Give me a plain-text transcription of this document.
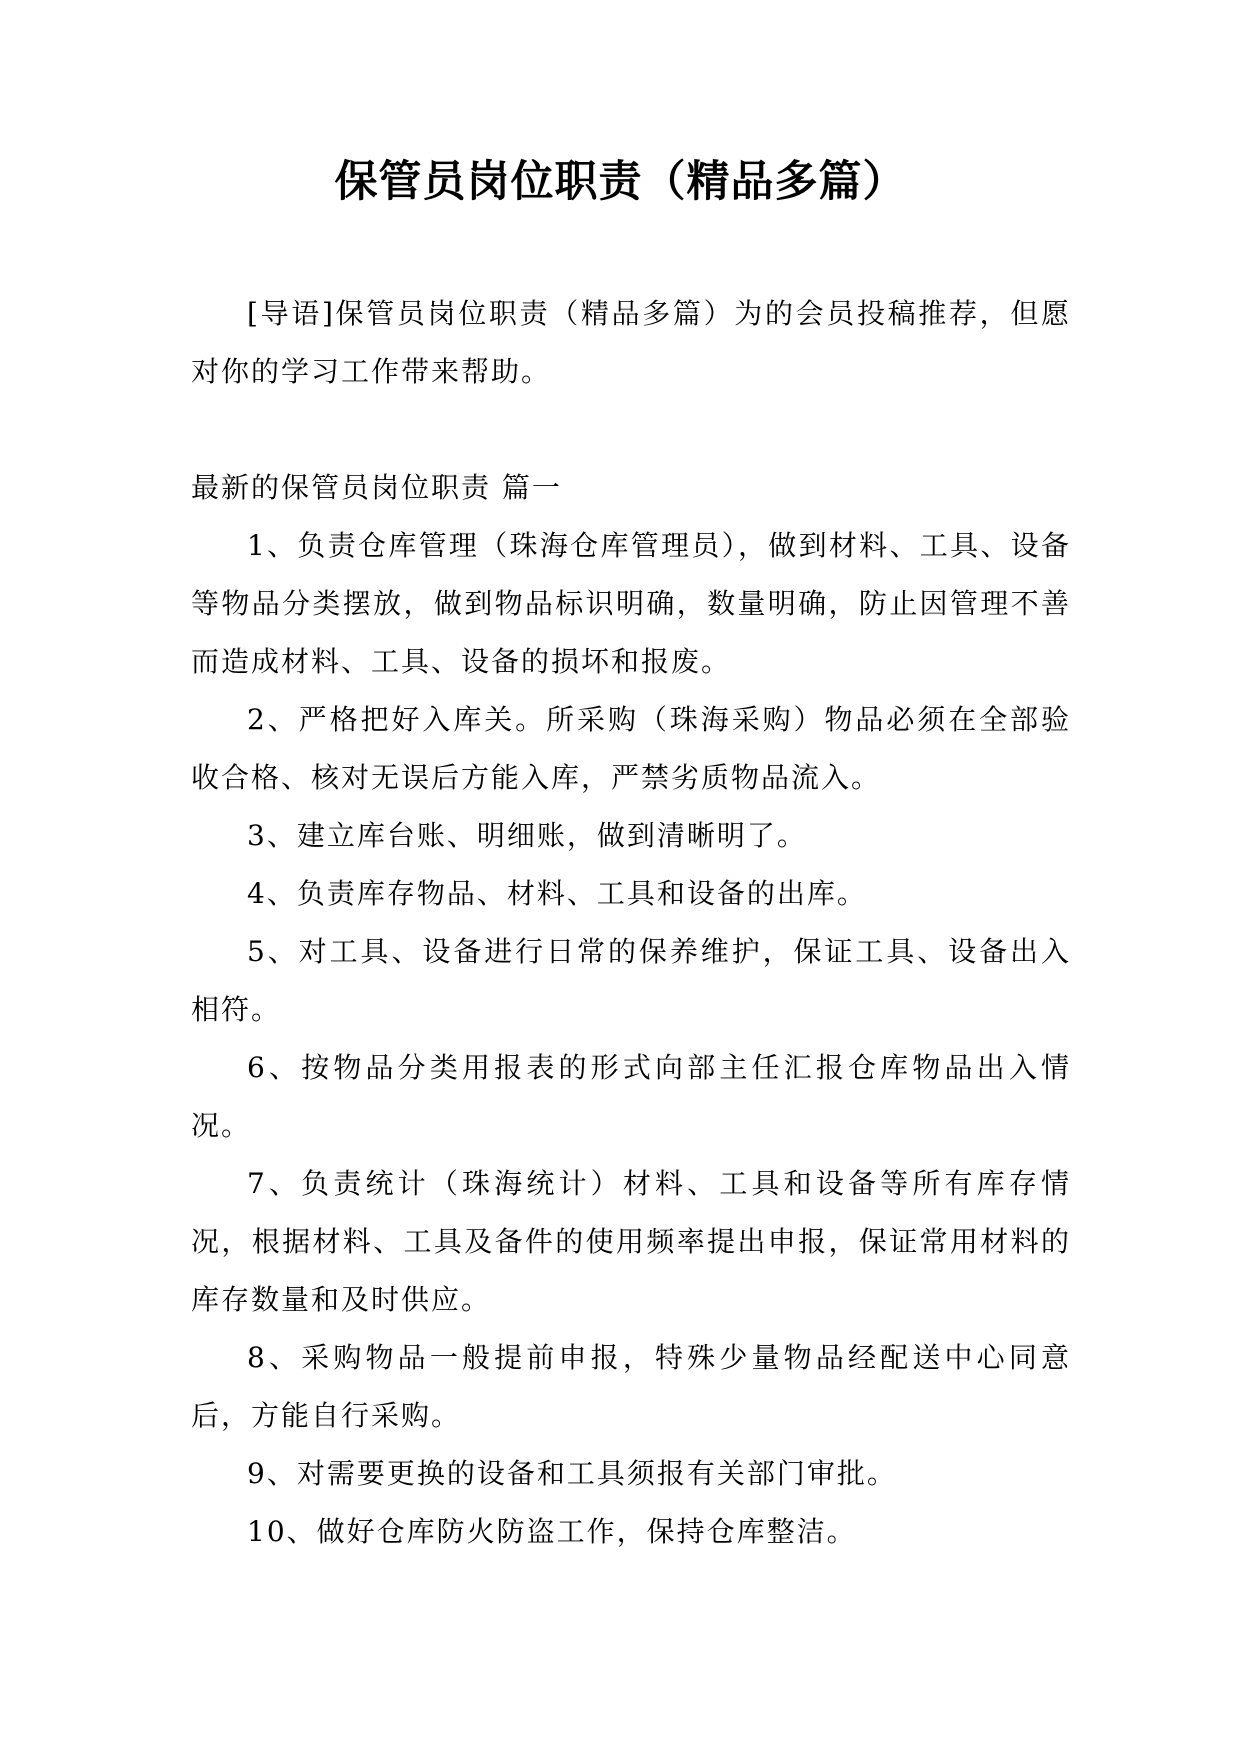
保管员岗位职责（精品多篇）

[导语]保管员岗位职责（精品多篇）为的会员投稿推荐，但愿对你的学习工作带来帮助。

最新的保管员岗位职责 篇一

1、负责仓库管理（珠海仓库管理员），做到材料、工具、设备等物品分类摆放，做到物品标识明确，数量明确，防止因管理不善而造成材料、工具、设备的损坏和报废。

2、严格把好入库关。所采购（珠海采购）物品必须在全部验收合格、核对无误后方能入库，严禁劣质物品流入。

3、建立库台账、明细账，做到清晰明了。

4、负责库存物品、材料、工具和设备的出库。

5、对工具、设备进行日常的保养维护，保证工具、设备出入相符。

6、按物品分类用报表的形式向部主任汇报仓库物品出入情况。

7、负责统计（珠海统计）材料、工具和设备等所有库存情况，根据材料、工具及备件的使用频率提出申报，保证常用材料的库存数量和及时供应。

8、采购物品一般提前申报，特殊少量物品经配送中心同意后，方能自行采购。

9、对需要更换的设备和工具须报有关部门审批。

10、做好仓库防火防盗工作，保持仓库整洁。
